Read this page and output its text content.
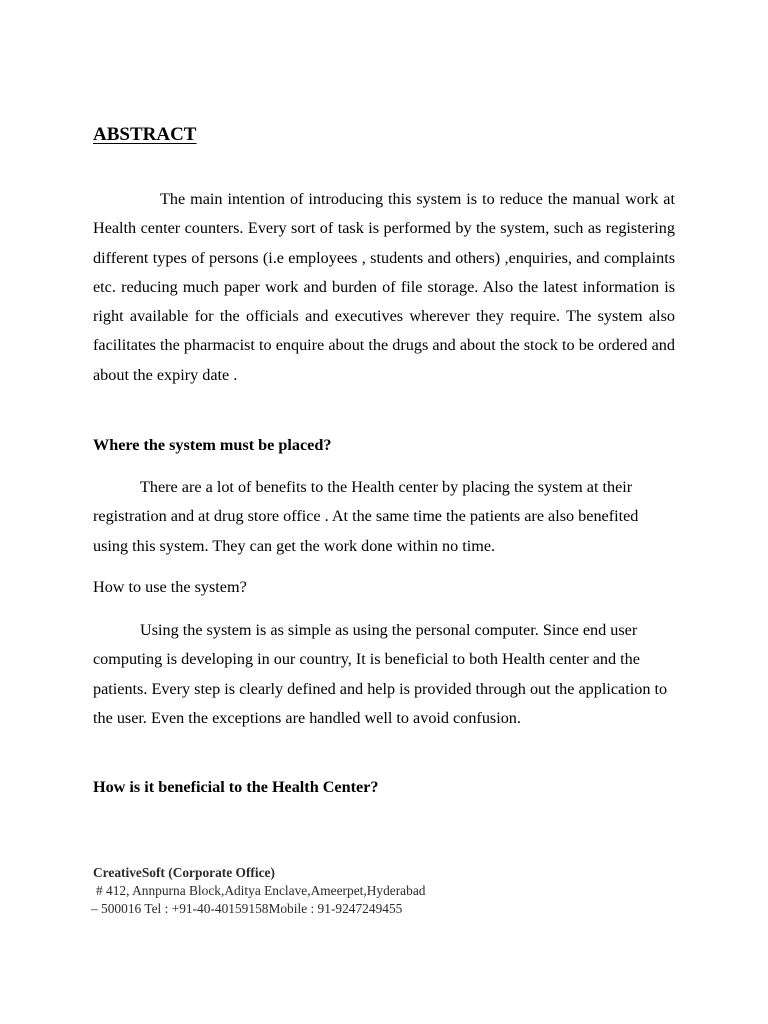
ABSTRACT

The main intention of introducing this system is to reduce the manual work at Health center counters. Every sort of task is performed by the system, such as registering different types of persons (i.e employees , students and others) ,enquiries, and complaints etc. reducing much paper work and burden of file storage. Also the latest information is right available for the officials and executives wherever they require. The system also facilitates the pharmacist to enquire about the drugs and about the stock to be ordered and about the expiry date .

Where the system must be placed?

There are a lot of benefits to the Health center by placing the system at their registration and at drug store office . At the same time the patients are also benefited using this system. They can get the work done within no time.

How to use the system?

Using the system is as simple as using the personal computer. Since end user computing is developing in our country, It is beneficial to both Health center and the patients. Every step is clearly defined and help is provided through out the application to the user. Even the exceptions are handled well to avoid confusion.

How is it beneficial to the Health Center?
CreativeSoft (Corporate Office)
# 412, Annpurna Block,Aditya Enclave,Ameerpet,Hyderabad
– 500016 Tel : +91-40-40159158Mobile : 91-9247249455
